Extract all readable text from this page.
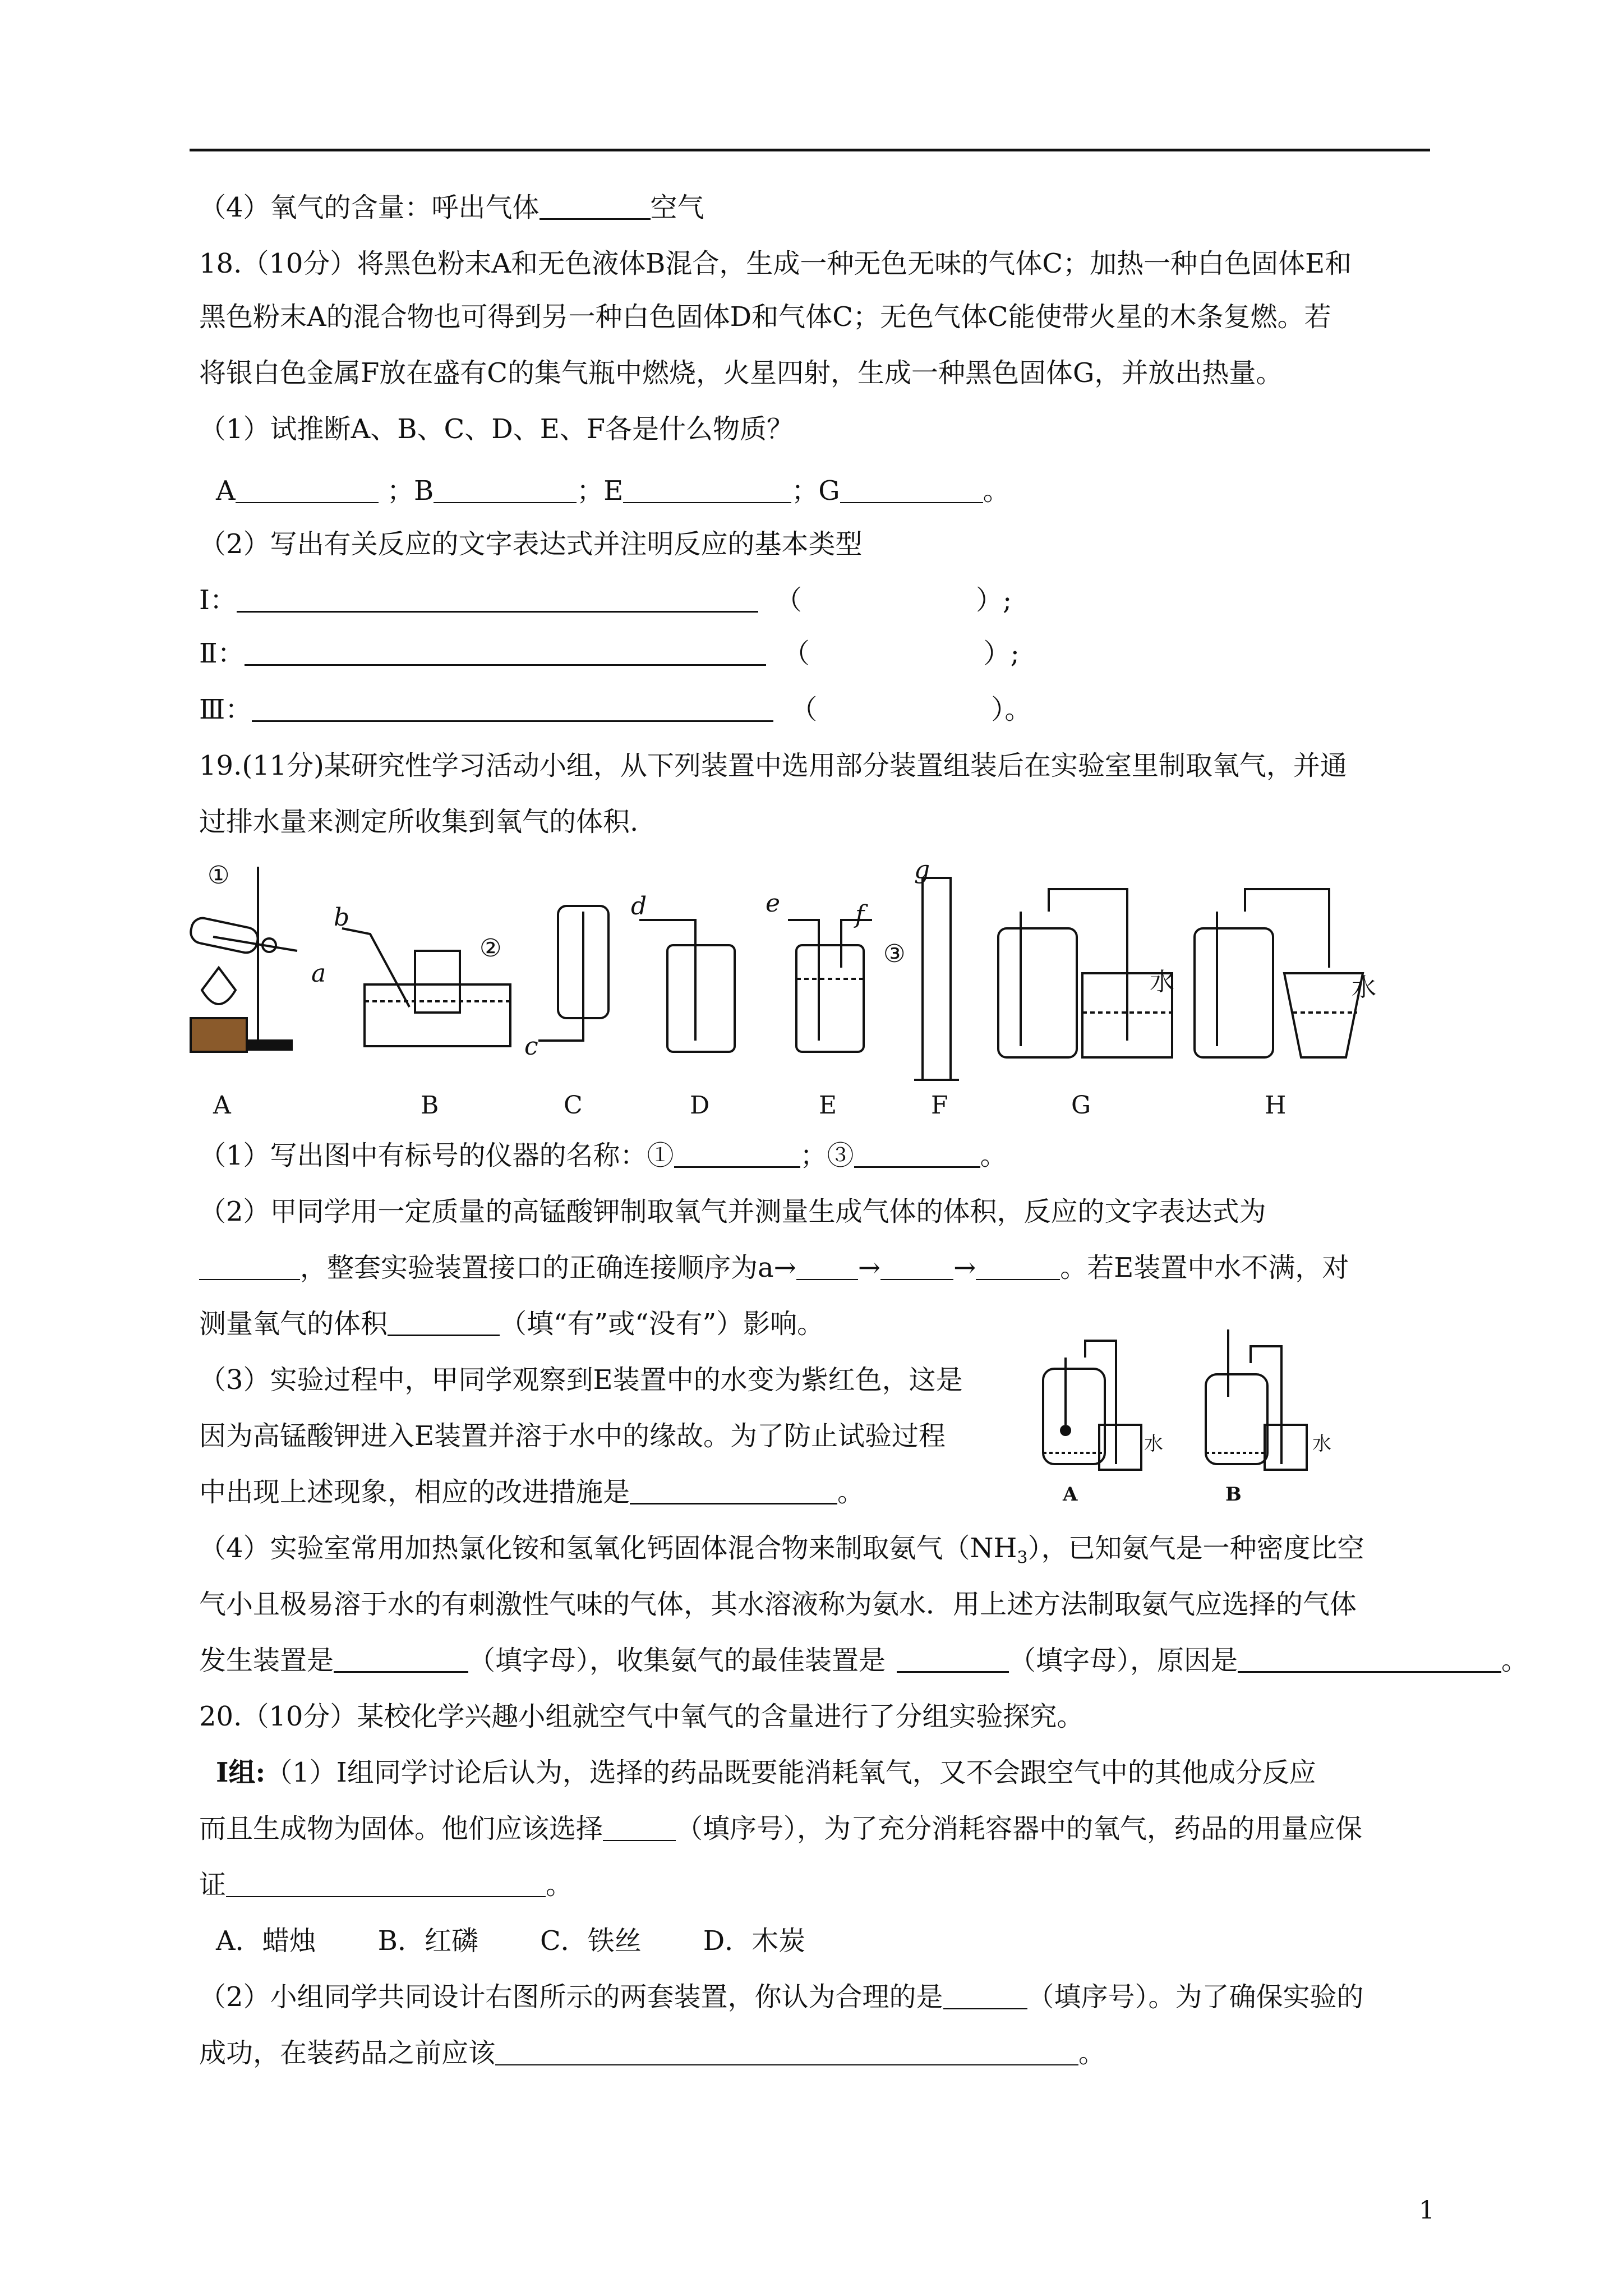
（4）氧气的含量：呼出气体	空气
18.（10分）将黑色粉末A和无色液体B混合，生成一种无色无味的气体C；加热一种白色固体E和
黑色粉末A的混合物也可得到另一种白色固体D和气体C；无色气体C能使带火星的木条复燃。若
将银白色金属F放在盛有C的集气瓶中燃烧，火星四射，生成一种黑色固体G，并放出热量。
（1）试推断A、B、C、D、E、F各是什么物质？
A	；B	；E	；G	。
（2）写出有关反应的文字表达式并注明反应的基本类型
Ⅰ：	（	）;
Ⅱ：	（	）;
Ⅲ：	（	）。
19.(11分)某研究性学习活动小组，从下列装置中选用部分装置组装后在实验室里制取氧气，并通
过排水量来测定所收集到氧气的体积.
A	B	C	D	E	F	G	H
①
②	③
a
b
c
d	e	f
g
水	水
（1）写出图中有标号的仪器的名称：①	；③	。
（2）甲同学用一定质量的高锰酸钾制取氧气并测量生成气体的体积，反应的文字表达式为
，整套实验装置接口的正确连接顺序为a→ →	→	。若E装置中水不满，对
测量氧气的体积	（填“有”或“没有”）影响。
（3）实验过程中，甲同学观察到E装置中的水变为紫红色，这是
因为高锰酸钾进入E装置并溶于水中的缘故。为了防止试验过程
中出现上述现象，相应的改进措施是	。
水	水
A	B
（4）实验室常用加热氯化铵和氢氧化钙固体混合物来制取氨气$(NH_3)$，已知氨气是一种密度比空
气小且极易溶于水的有刺激性气味的气体，其水溶液称为氨水．用上述方法制取氨气应选择的气体
发生装置是	（填字母），收集氨气的最佳装置是	（填字母），原因是	。
20.（10分）某校化学兴趣小组就空气中氧气的含量进行了分组实验探究。
Ⅰ组:（1）Ⅰ组同学讨论后认为，选择的药品既要能消耗氧气，又不会跟空气中的其他成分反应
而且生成物为固体。他们应该选择	（填序号），为了充分消耗容器中的氧气，药品的用量应保
证	。
A．蜡烛 B．红磷 C．铁丝 D．木炭
（2）小组同学共同设计右图所示的两套装置，你认为合理的是	（填序号）。为了确保实验的
成功，在装药品之前应该	。
1
